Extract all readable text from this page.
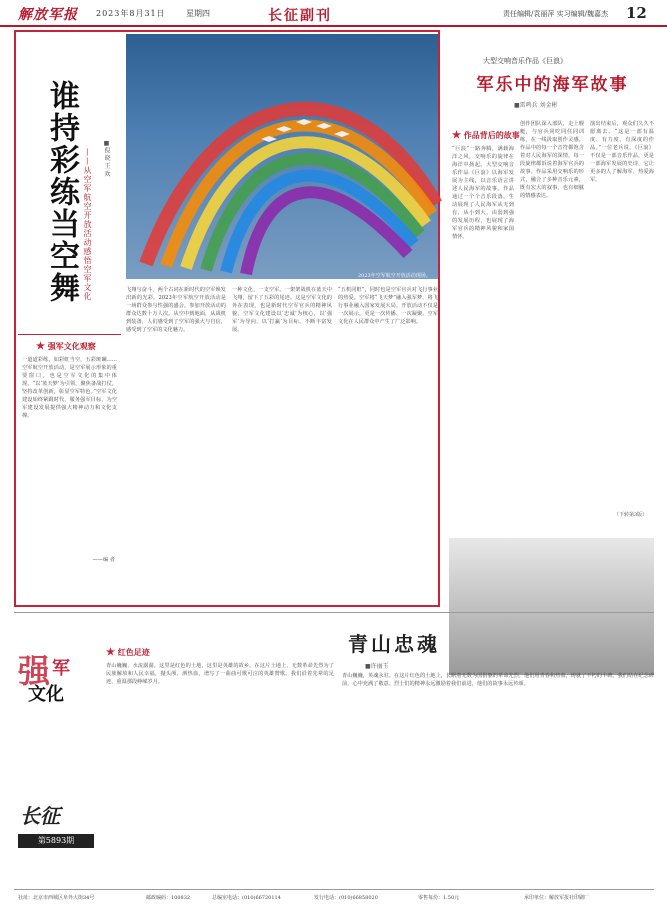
解放军报 2023年8月31日	星期四	长征副刊	责任编辑/袁丽萍 实习编辑/魏嘉杰 12
2023年空军航空开放活动现场。	李 锦 摄
谁持彩练当空舞 ——从空军航空开放活动感悟空军文化 ■倪 晓 王 欢
★ 强军文化观察
一道道彩练，如彩虹当空，五彩斑斓……空军航空开放活动，是空军展示形象的重要窗口，也是空军文化的集中体现。“以‘蓝天梦’为引领，聚焦备战打仗，坚持改革创新，彰显空军特色。”空军文化建设始终紧跟时代，服务强军目标，为空军建设发展提供强大精神动力和文化支撑。
——编 者
飞翔与奋斗，两个古词在新时代的空军焕发出新的光彩。2023年空军航空开放活动是一场群众参与性强的盛会。参加开放活动的群众达数十万人次。从空中到地面，从战机到装备，人们感受到了空军的强大与自信，感受到了空军的文化魅力。
一种文化，一支空军。一架架战机在蓝天中飞翔，留下了五彩的尾迹。这是空军文化的外在表现，也是新时代空军官兵的精神风貌。空军文化建设以‘忠诚’为核心，以‘强军’为导向，以‘打赢’为目标，不断丰富发展。
“五机同框”，同时也是空军官兵对飞行事业的热爱。空军将“飞天梦”融入强军梦，将飞行事业融入国家发展大局。开放活动不仅是一次展示，更是一次传播、一次凝聚。空军文化在人民群众中产生了广泛影响。
大型交响音乐作品《巨浪》
军乐中的海军故事
■雷鸣兵 刘金彬
★ 作品背后的故事
“巨浪”一路奔腾，满载海洋之风，交响乐的旋律在海洋中扬起。大型交响音乐作品《巨浪》以海军发展为主线，以音乐语言讲述人民海军的故事。作品通过一个个音乐段落，生动展现了人民海军从无到有、从小到大、由弱到强的发展历程，也展现了海军官兵的精神风貌和家国情怀。
创作团队深入部队，走上舰艇，与官兵同吃同住同训练，在一线汲取创作灵感。作品中的每一个音符都饱含着对人民海军的深情，每一段旋律都诉说着海军官兵的故事。作品采用交响乐的形式，融合了多种音乐元素，既有宏大的叙事，也有细腻的情感表达。
演出结束后，观众们久久不愿离去。“这是一部有温度、有力度、有深度的作品。”一位老兵说。《巨浪》不仅是一部音乐作品，更是一部海军发展的史诗，它让更多的人了解海军、热爱海军。
（下转第3版）
强 军
文化
长征
第5893期
★ 红色足迹
青山巍巍，水流潺潺。这里是红色的土地，这里是英雄的故乡。在这片土地上，无数革命先烈为了民族解放和人民幸福，抛头颅、洒热血，谱写了一曲曲可歌可泣的英雄赞歌。我们沿着先辈的足迹，重温那段峥嵘岁月。
青山忠魂
■许丽玉
青山巍巍，英魂永驻。在这片红色的土地上，长眠着无数为国捐躯的革命先烈。他们用青春和热血，铸就了不朽的丰碑。我们站在纪念碑前，心中充满了敬意。烈士们的精神永远激励着我们前进，他们的故事永远传颂。
社址：北京市西城区阜外大街34号	邮政编码：100832	总编室电话：(010)66720114	发行电话：(010)66858020	零售每份：1.50元	承印单位：解放军报社印刷厂
